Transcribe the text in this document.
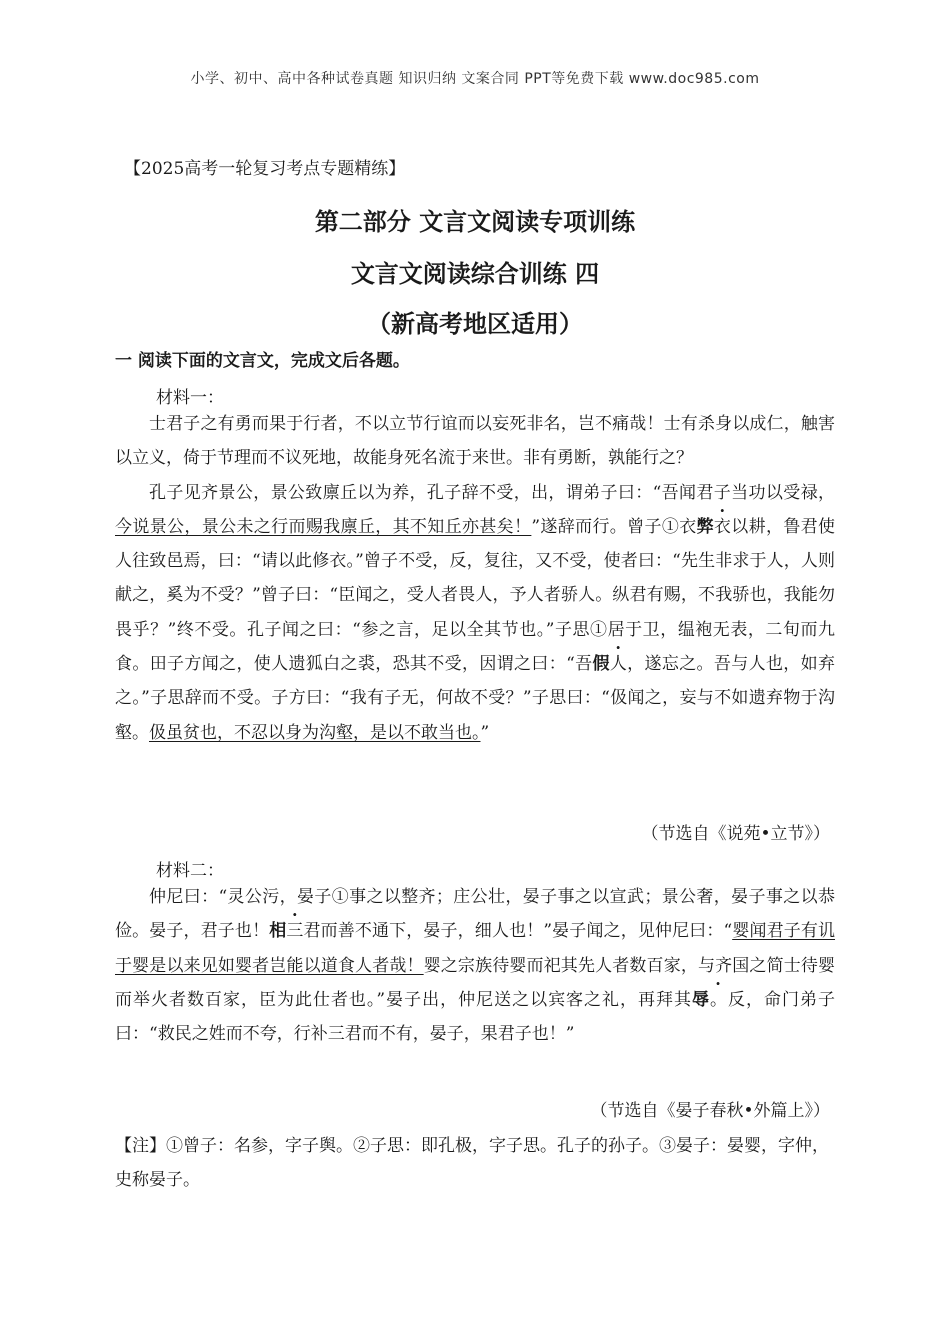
小学、初中、高中各种试卷真题 知识归纳 文案合同 PPT等免费下载 www.doc985.com
【2025高考一轮复习考点专题精练】
第二部分 文言文阅读专项训练
文言文阅读综合训练 四
（新高考地区适用）
一 阅读下面的文言文，完成文后各题。
材料一：

士君子之有勇而果于行者，不以立节行谊而以妄死非名，岂不痛哉！士有杀身以成仁，触害以立义，倚于节理而不议死地，故能身死名流于来世。非有勇断，孰能行之？

孔子见齐景公，景公致廪丘以为养，孔子辞不受，出，谓弟子曰：“吾闻君子当功以受禄，今说景公，景公未之行而赐我廪丘，其不知丘亦甚矣！”遂辞而行。曾子①衣弊衣以耕，鲁君使人往致邑焉，曰：“请以此修衣。”曾子不受，反，复往，又不受，使者曰：“先生非求于人，人则献之，奚为不受？”曾子曰：“臣闻之，受人者畏人，予人者骄人。纵君有赐，不我骄也，我能勿畏乎？”终不受。孔子闻之曰：“参之言，足以全其节也。”子思①居于卫，缊袍无表，二旬而九食。田子方闻之，使人遗狐白之裘，恐其不受，因谓之曰：“吾假人，遂忘之。吾与人也，如弃之。”子思辞而不受。子方曰：“我有子无，何故不受？”子思曰：“伋闻之，妄与不如遗弃物于沟壑。伋虽贫也，不忍以身为沟壑，是以不敢当也。”

（节选自《说苑•立节》）
材料二：

仲尼曰：“灵公污，晏子①事之以整齐；庄公壮，晏子事之以宣武；景公奢，晏子事之以恭俭。晏子，君子也！相三君而善不通下，晏子，细人也！”晏子闻之，见仲尼曰：“婴闻君子有讥于婴是以来见如婴者岂能以道食人者哉！婴之宗族待婴而祀其先人者数百家，与齐国之简士待婴而举火者数百家，臣为此仕者也。”晏子出，仲尼送之以宾客之礼，再拜其辱。反，命门弟子曰：“救民之姓而不夸，行补三君而不有，晏子，果君子也！”

（节选自《晏子春秋•外篇上》）
【注】①曾子：名参，字子舆。②子思：即孔极，字子思。孔子的孙子。③晏子：晏婴，字仲，史称晏子。
